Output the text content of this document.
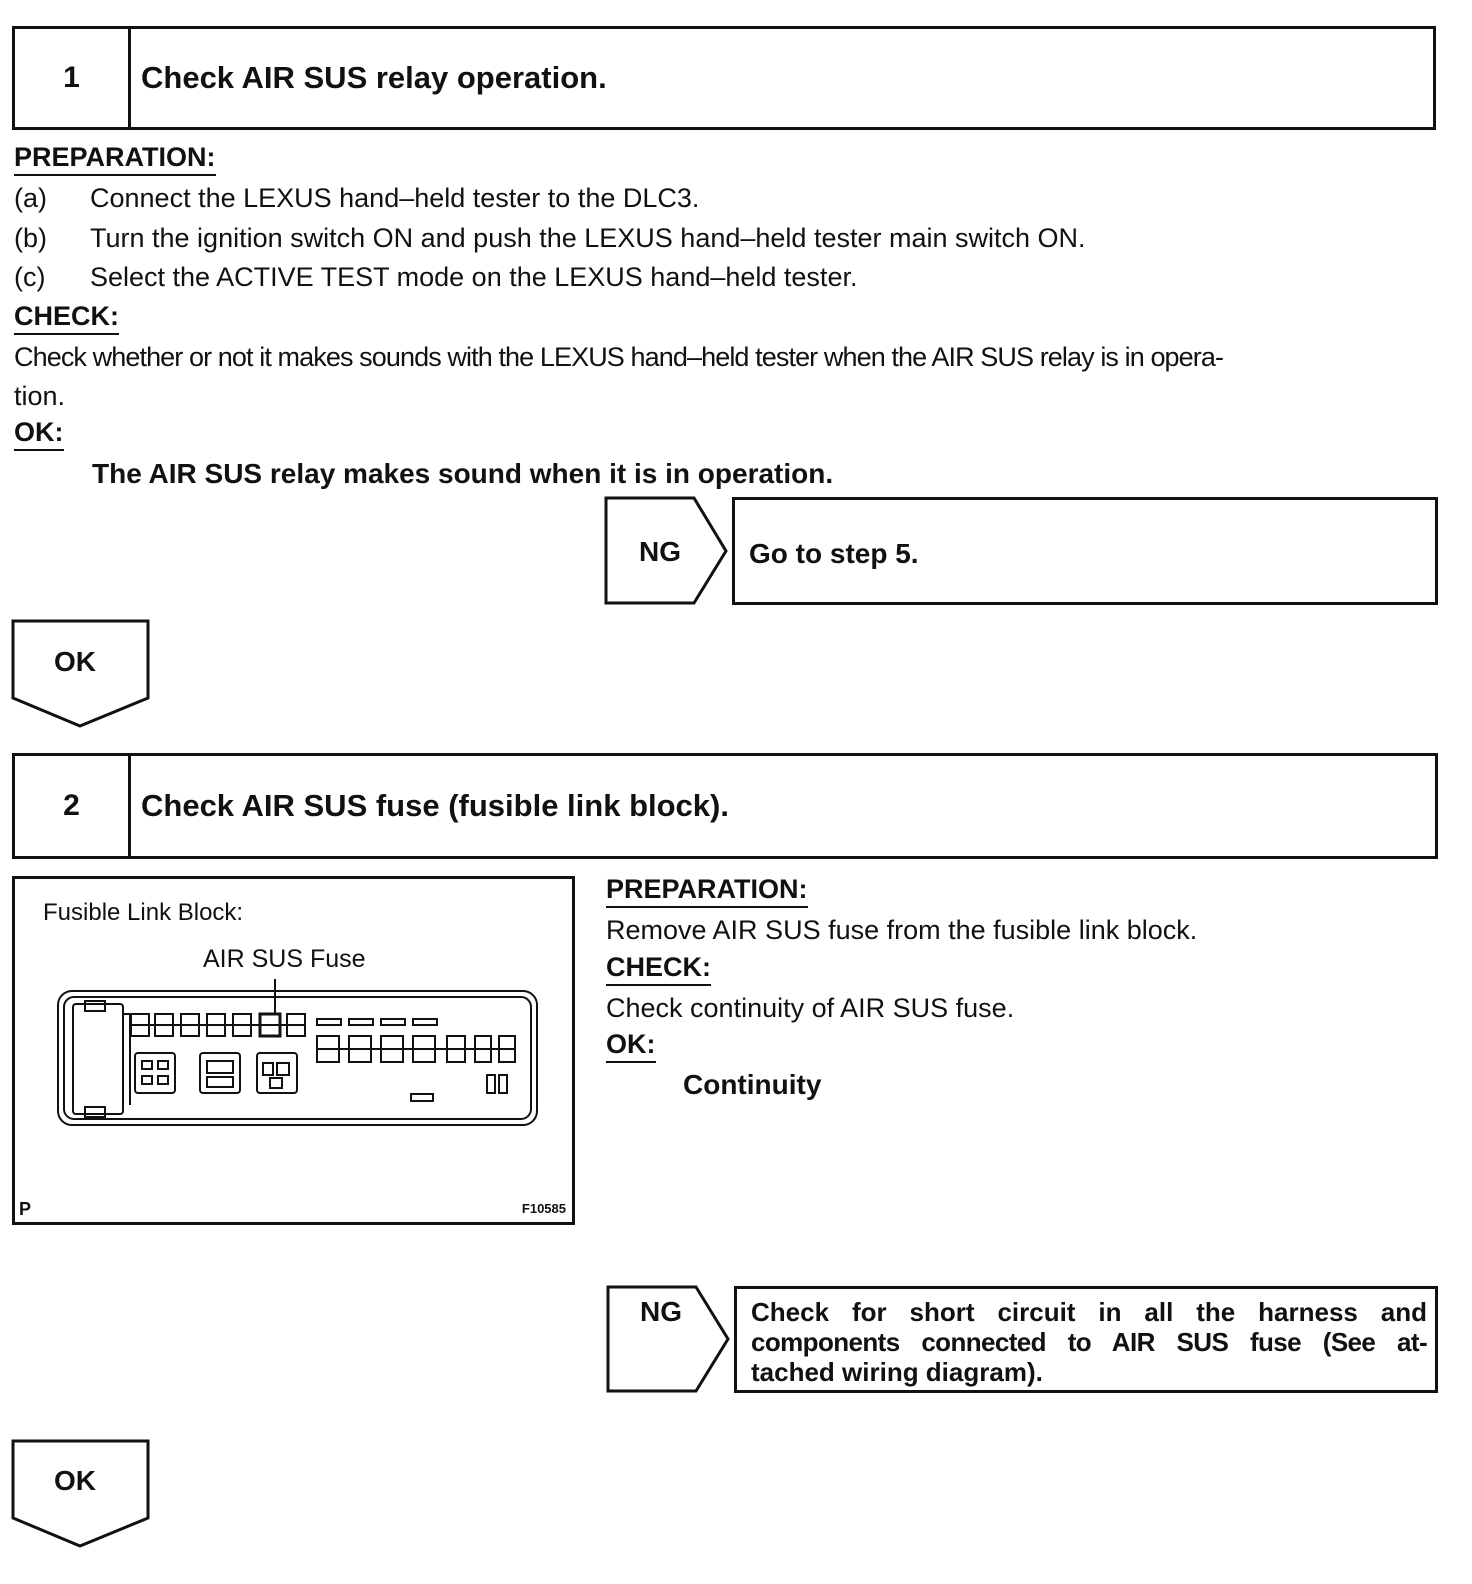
1	Check AIR SUS relay operation.
PREPARATION:
(a) Connect the LEXUS hand–held tester to the DLC3.
(b) Turn the ignition switch ON and push the LEXUS hand–held tester main switch ON.
(c) Select the ACTIVE TEST mode on the LEXUS hand–held tester.
CHECK:
Check whether or not it makes sounds with the LEXUS hand–held tester when the AIR SUS relay is in opera-
tion.
OK:
The AIR SUS relay makes sound when it is in operation.
NG Go to step 5.
OK
2	Check AIR SUS fuse (fusible link block).
Fusible Link Block:
AIR SUS Fuse
P	F10585
PREPARATION:
Remove AIR SUS fuse from the fusible link block.
CHECK:
Check continuity of AIR SUS fuse.
OK:
Continuity
NG	Check for short circuit in all the harness and
components connected to AIR SUS fuse (See at-
tached wiring diagram).
OK
